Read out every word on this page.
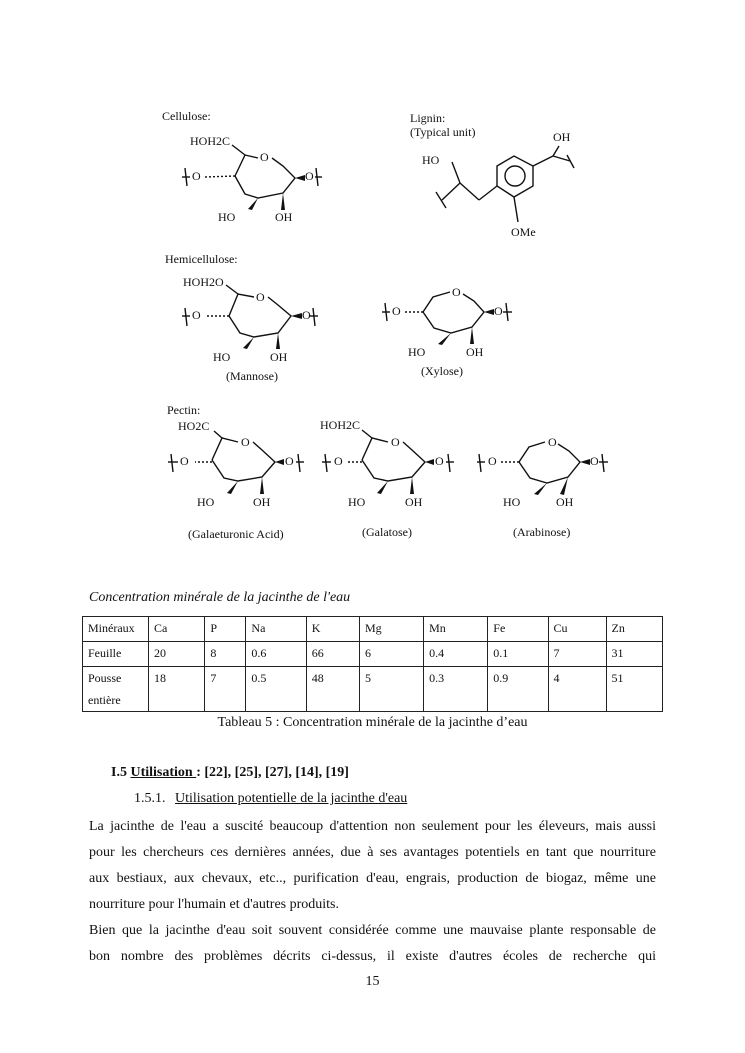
Cellulose:
HOH2C
O
O	O
HO	OH
Lignin:
(Typical unit)	OH
HO
OMe
Hemicellulose:
HOH2O
O
O	O
HO	OH
(Mannose)
O
O	O
HO	OH
(Xylose)
Pectin:
HO2C
O
O	O
HO	OH
(Galaeturonic Acid)
HOH2C
O
O	O
HO	OH
(Galatose)
O
O	O
HO	OH
(Arabinose)
Concentration minérale de la jacinthe de l'eau
Minéraux	Ca	P	Na	K	Mg	Mn	Fe	Cu	Zn
Feuille	20	8	0.6	66	6	0.4	0.1	7	31

Pousse
entière	18	7	0.5	48	5	0.3	0.9	4	51
Tableau 5 : Concentration minérale de la jacinthe d’eau
I.5 Utilisation : [22], [25], [27], [14], [19]
1.5.1. Utilisation potentielle de la jacinthe d'eau
La jacinthe de l'eau a suscité beaucoup d'attention non seulement pour les éleveurs, mais aussi
pour les chercheurs ces dernières années, due à ses avantages potentiels en tant que nourriture
aux bestiaux, aux chevaux, etc.., purification d'eau, engrais, production de biogaz, même une
nourriture pour l'humain et d'autres produits.
Bien que la jacinthe d'eau soit souvent considérée comme une mauvaise plante responsable de
bon nombre des problèmes décrits ci-dessus, il existe d'autres écoles de recherche qui
15
